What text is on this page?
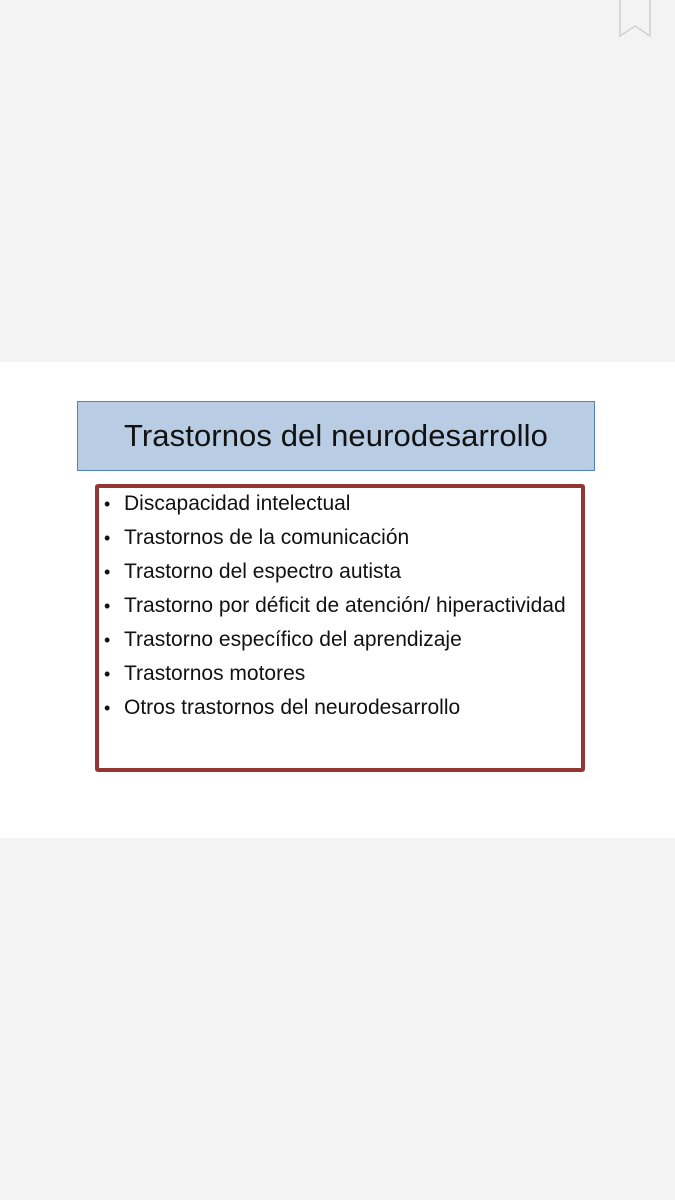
Trastornos del neurodesarrollo
• Discapacidad intelectual
• Trastornos de la comunicación
• Trastorno del espectro autista
• Trastorno por déficit de atención/ hiperactividad
• Trastorno específico del aprendizaje
• Trastornos motores
• Otros trastornos del neurodesarrollo
